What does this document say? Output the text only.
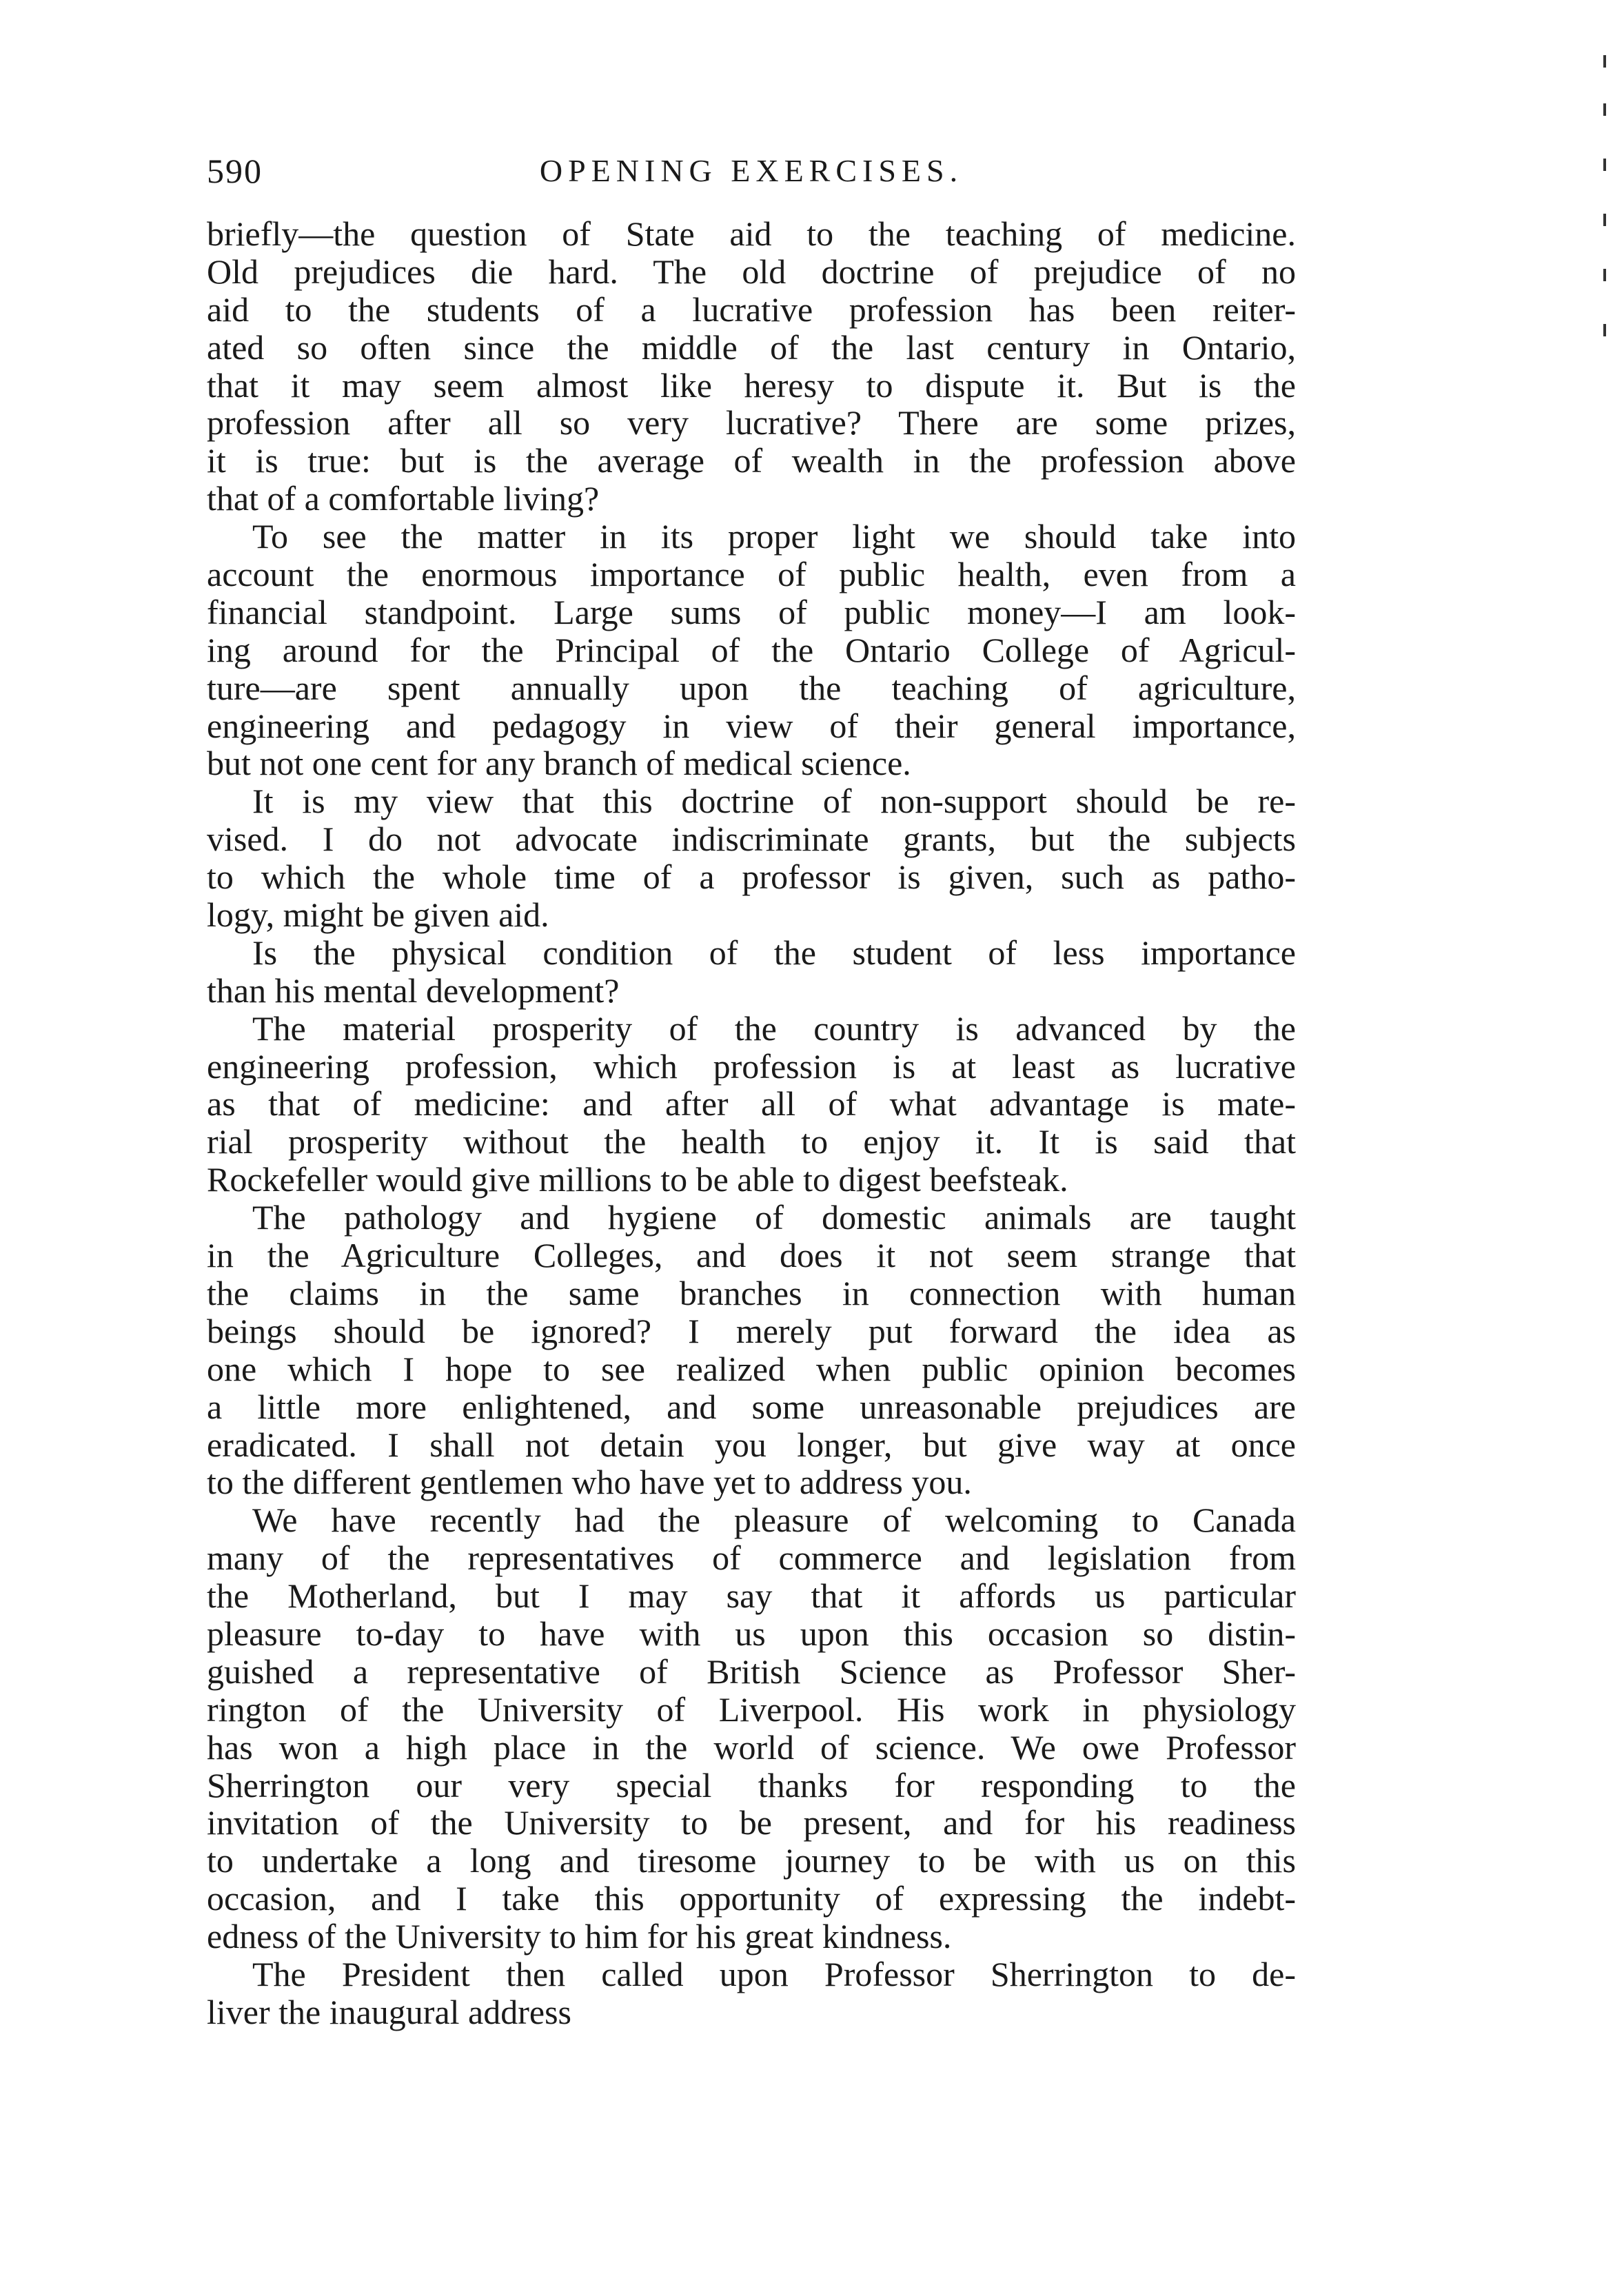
590	OPENING EXERCISES.
briefly—the question of State aid to the teaching of medicine.
Old prejudices die hard. The old doctrine of prejudice of no
aid to the students of a lucrative profession has been reiter-
ated so often since the middle of the last century in Ontario,
that it may seem almost like heresy to dispute it. But is the
profession after all so very lucrative? There are some prizes,
it is true: but is the average of wealth in the profession above
that of a comfortable living?
To see the matter in its proper light we should take into
account the enormous importance of public health, even from a
financial standpoint. Large sums of public money—I am look-
ing around for the Principal of the Ontario College of Agricul-
ture—are spent annually upon the teaching of agriculture,
engineering and pedagogy in view of their general importance,
but not one cent for any branch of medical science.
It is my view that this doctrine of non-support should be re-
vised. I do not advocate indiscriminate grants, but the subjects
to which the whole time of a professor is given, such as patho-
logy, might be given aid.
Is the physical condition of the student of less importance
than his mental development?
The material prosperity of the country is advanced by the
engineering profession, which profession is at least as lucrative
as that of medicine: and after all of what advantage is mate-
rial prosperity without the health to enjoy it. It is said that
Rockefeller would give millions to be able to digest beefsteak.
The pathology and hygiene of domestic animals are taught
in the Agriculture Colleges, and does it not seem strange that
the claims in the same branches in connection with human
beings should be ignored? I merely put forward the idea as
one which I hope to see realized when public opinion becomes
a little more enlightened, and some unreasonable prejudices are
eradicated. I shall not detain you longer, but give way at once
to the different gentlemen who have yet to address you.
We have recently had the pleasure of welcoming to Canada
many of the representatives of commerce and legislation from
the Motherland, but I may say that it affords us particular
pleasure to-day to have with us upon this occasion so distin-
guished a representative of British Science as Professor Sher-
rington of the University of Liverpool. His work in physiology
has won a high place in the world of science. We owe Professor
Sherrington our very special thanks for responding to the
invitation of the University to be present, and for his readiness
to undertake a long and tiresome journey to be with us on this
occasion, and I take this opportunity of expressing the indebt-
edness of the University to him for his great kindness.
The President then called upon Professor Sherrington to de-
liver the inaugural address
